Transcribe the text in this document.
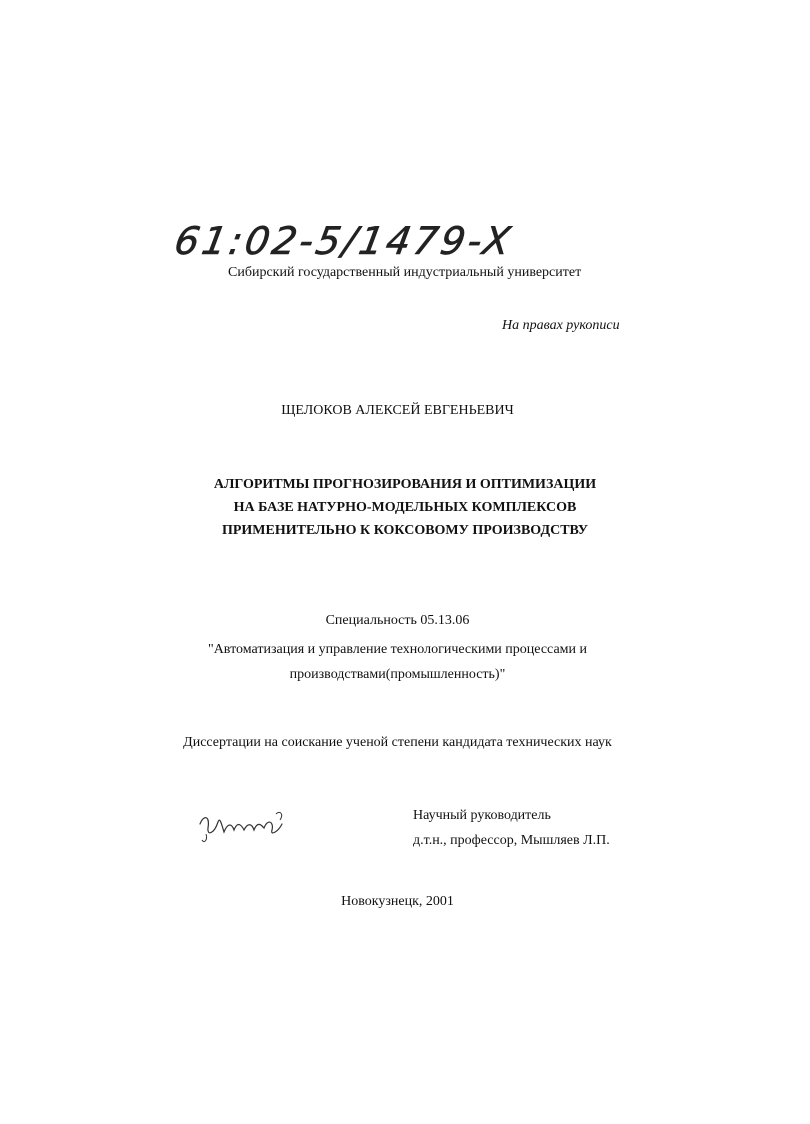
61:02-5/1479-X
Сибирский государственный индустриальный университет
На правах рукописи
ЩЕЛОКОВ АЛЕКСЕЙ ЕВГЕНЬЕВИЧ
АЛГОРИТМЫ ПРОГНОЗИРОВАНИЯ И ОПТИМИЗАЦИИ
НА БАЗЕ НАТУРНО-МОДЕЛЬНЫХ КОМПЛЕКСОВ
ПРИМЕНИТЕЛЬНО К КОКСОВОМУ ПРОИЗВОДСТВУ
Специальность 05.13.06
"Автоматизация и управление технологическими процессами и
производствами(промышленность)"
Диссертации на соискание ученой степени кандидата технических наук
Научный руководитель
д.т.н., профессор, Мышляев Л.П.
Новокузнецк, 2001
